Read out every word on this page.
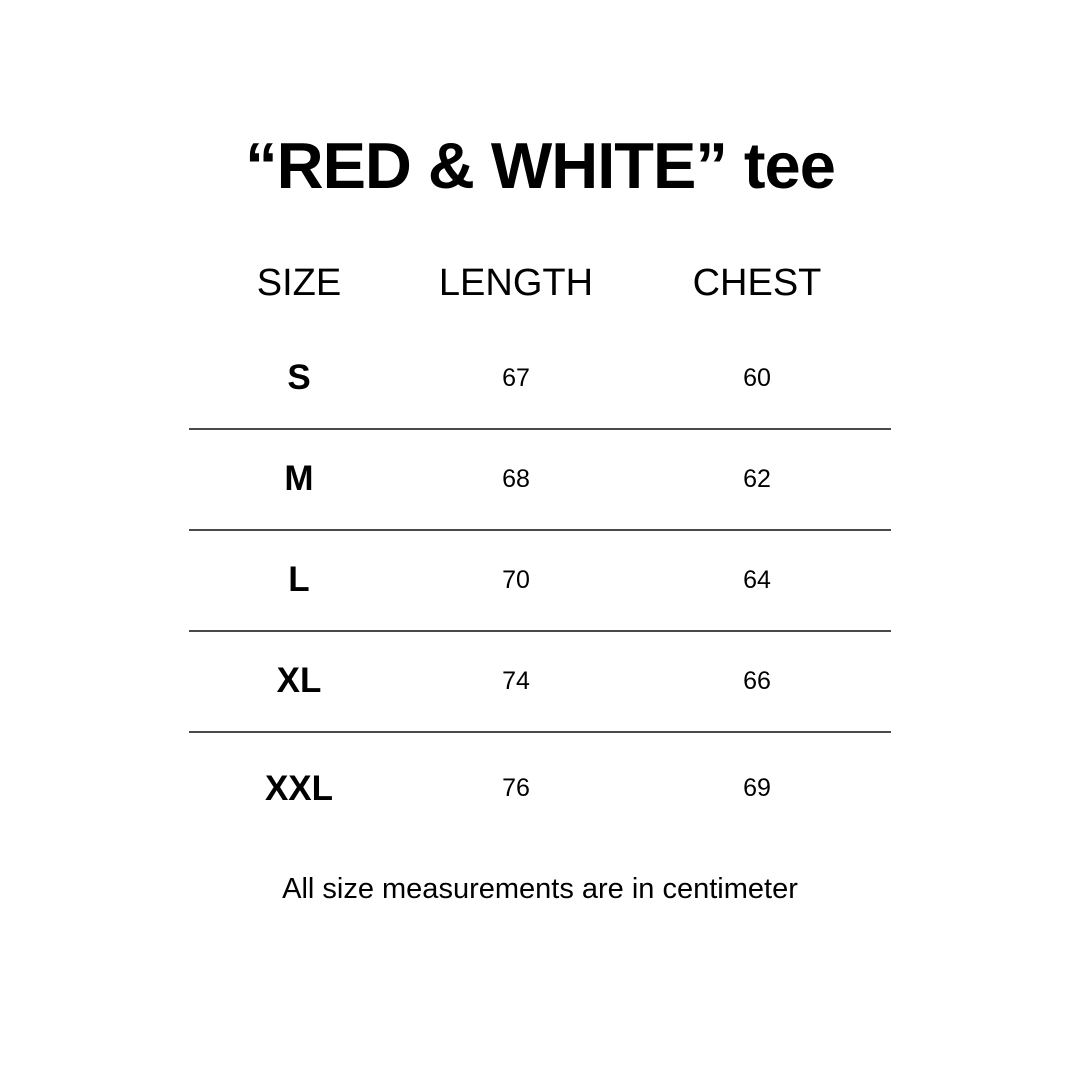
“RED & WHITE” tee
SIZE	LENGTH	CHEST
S	67	60
M	68	62
L	70	64
XL	74	66
XXL	76	69

All size measurements are in centimeter
